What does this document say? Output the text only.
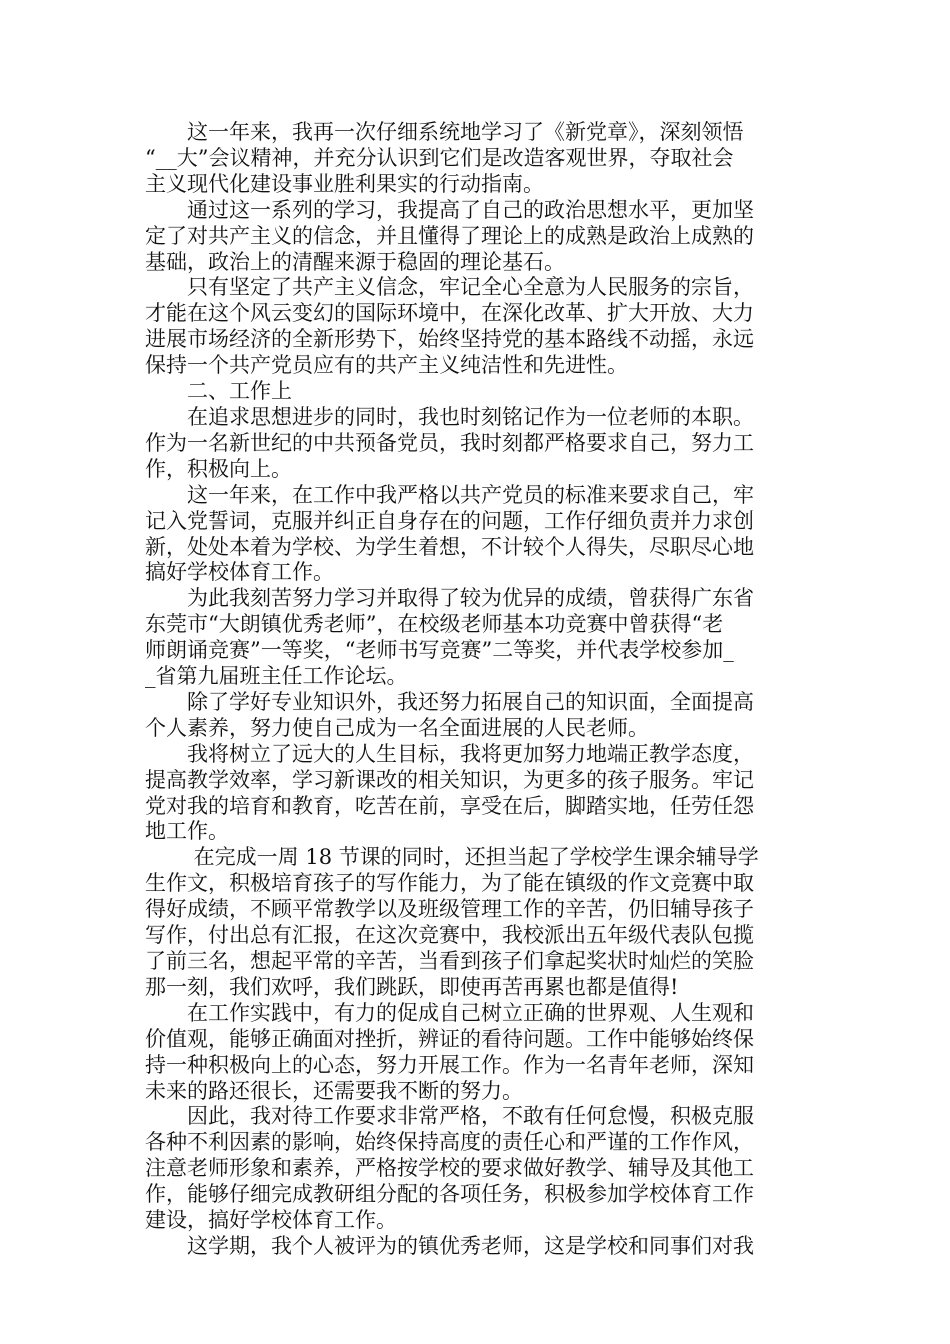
　　这一年来，我再一次仔细系统地学习了《新党章》，深刻领悟
“__大”会议精神，并充分认识到它们是改造客观世界，夺取社会
主义现代化建设事业胜利果实的行动指南。
　　通过这一系列的学习，我提高了自己的政治思想水平，更加坚
定了对共产主义的信念，并且懂得了理论上的成熟是政治上成熟的
基础，政治上的清醒来源于稳固的理论基石。
　　只有坚定了共产主义信念，牢记全心全意为人民服务的宗旨，
才能在这个风云变幻的国际环境中，在深化改革、扩大开放、大力
进展市场经济的全新形势下，始终坚持党的基本路线不动摇，永远
保持一个共产党员应有的共产主义纯洁性和先进性。
　　二、工作上
　　在追求思想进步的同时，我也时刻铭记作为一位老师的本职。
作为一名新世纪的中共预备党员，我时刻都严格要求自己，努力工
作，积极向上。
　　这一年来，在工作中我严格以共产党员的标准来要求自己，牢
记入党誓词，克服并纠正自身存在的问题，工作仔细负责并力求创
新，处处本着为学校、为学生着想，不计较个人得失，尽职尽心地
搞好学校体育工作。
　　为此我刻苦努力学习并取得了较为优异的成绩，曾获得广东省
东莞市“大朗镇优秀老师”，在校级老师基本功竞赛中曾获得“老
师朗诵竞赛”一等奖，“老师书写竞赛”二等奖，并代表学校参加_
_省第九届班主任工作论坛。
　　除了学好专业知识外，我还努力拓展自己的知识面，全面提高
个人素养，努力使自己成为一名全面进展的人民老师。
　　我将树立了远大的人生目标，我将更加努力地端正教学态度，
提高教学效率，学习新课改的相关知识，为更多的孩子服务。牢记
党对我的培育和教育，吃苦在前，享受在后，脚踏实地，任劳任怨
地工作。
　　 在完成一周 18 节课的同时，还担当起了学校学生课余辅导学
生作文，积极培育孩子的写作能力，为了能在镇级的作文竞赛中取
得好成绩，不顾平常教学以及班级管理工作的辛苦，仍旧辅导孩子
写作，付出总有汇报，在这次竞赛中，我校派出五年级代表队包揽
了前三名，想起平常的辛苦，当看到孩子们拿起奖状时灿烂的笑脸
那一刻，我们欢呼，我们跳跃，即使再苦再累也都是值得!
　　在工作实践中，有力的促成自己树立正确的世界观、人生观和
价值观，能够正确面对挫折，辨证的看待问题。工作中能够始终保
持一种积极向上的心态，努力开展工作。作为一名青年老师，深知
未来的路还很长，还需要我不断的努力。
　　因此，我对待工作要求非常严格，不敢有任何怠慢，积极克服
各种不利因素的影响，始终保持高度的责任心和严谨的工作作风，
注意老师形象和素养，严格按学校的要求做好教学、辅导及其他工
作，能够仔细完成教研组分配的各项任务，积极参加学校体育工作
建设，搞好学校体育工作。
　　这学期，我个人被评为的镇优秀老师，这是学校和同事们对我
